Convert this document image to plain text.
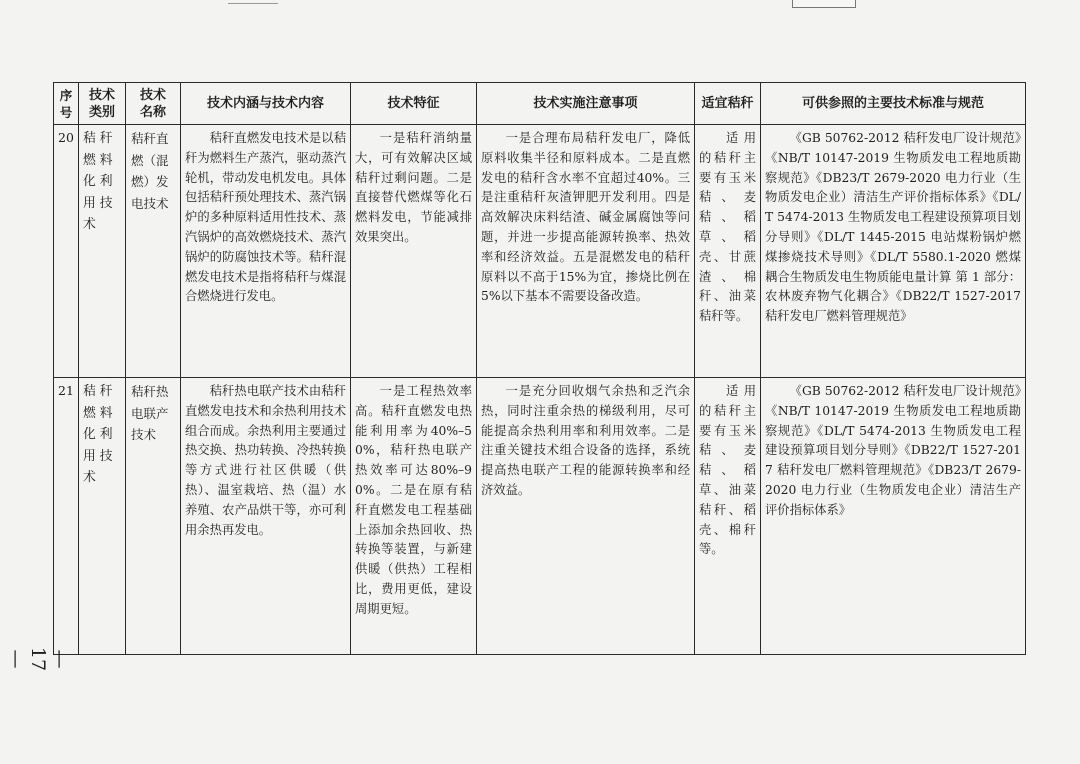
序号	技术类别	技术名称	技术内涵与技术内容	技术特征	技术实施注意事项	适宜秸秆	可供参照的主要技术标准与规范
20	秸秆燃料化利用技术	秸秆直燃（混燃）发电技术	秸秆直燃发电技术是以秸秆为燃料生产蒸汽，驱动蒸汽轮机，带动发电机发电。具体包括秸秆预处理技术、蒸汽锅炉的多种原料适用性技术、蒸汽锅炉的高效燃烧技术、蒸汽锅炉的防腐蚀技术等。秸秆混燃发电技术是指将秸秆与煤混合燃烧进行发电。	一是秸秆消纳量大，可有效解决区域秸秆过剩问题。二是直接替代燃煤等化石燃料发电，节能减排效果突出。	一是合理布局秸秆发电厂，降低原料收集半径和原料成本。二是直燃发电的秸秆含水率不宜超过40%。三是注重秸秆灰渣钾肥开发利用。四是高效解决床料结渣、碱金属腐蚀等问题，并进一步提高能源转换率、热效率和经济效益。五是混燃发电的秸秆原料以不高于15%为宜，掺烧比例在 5%以下基本不需要设备改造。	适用的秸秆主要有玉米秸、麦秸、稻草、稻壳、甘蔗渣、棉秆、油菜秸秆等。	《GB 50762-2012 秸秆发电厂设计规范》《NB/T 10147-2019 生物质发电工程地质勘察规范》《DB23/T 2679-2020 电力行业（生物质发电企业）清洁生产评价指标体系》《DL/T 5474-2013 生物质发电工程建设预算项目划分导则》《DL/T 1445-2015 电站煤粉锅炉燃煤掺烧技术导则》《DL/T 5580.1-2020 燃煤耦合生物质发电生物质能电量计算 第 1 部分：农林废弃物气化耦合》《DB22/T 1527-2017 秸秆发电厂燃料管理规范》
21	秸秆燃料化利用技术	秸秆热电联产技术	秸秆热电联产技术由秸秆直燃发电技术和余热利用技术组合而成。余热利用主要通过热交换、热功转换、冷热转换等方式进行社区供暖（供热）、温室栽培、热（温）水养殖、农产品烘干等，亦可利用余热再发电。	一是工程热效率高。秸秆直燃发电热能利用率为40%–50%，秸秆热电联产热效率可达80%–90%。二是在原有秸秆直燃发电工程基础上添加余热回收、热转换等装置，与新建供暖（供热）工程相比，费用更低，建设周期更短。	一是充分回收烟气余热和乏汽余热，同时注重余热的梯级利用，尽可能提高余热利用率和利用效率。二是注重关键技术组合设备的选择，系统提高热电联产工程的能源转换率和经济效益。	适用的秸秆主要有玉米秸、麦秸、稻草、油菜秸秆、稻壳、棉秆等。	《GB 50762-2012 秸秆发电厂设计规范》《NB/T 10147-2019 生物质发电工程地质勘察规范》《DL/T 5474-2013 生物质发电工程建设预算项目划分导则》《DB22/T 1527-2017 秸秆发电厂燃料管理规范》《DB23/T 2679-2020 电力行业（生物质发电企业）清洁生产评价指标体系》
— 17 —
